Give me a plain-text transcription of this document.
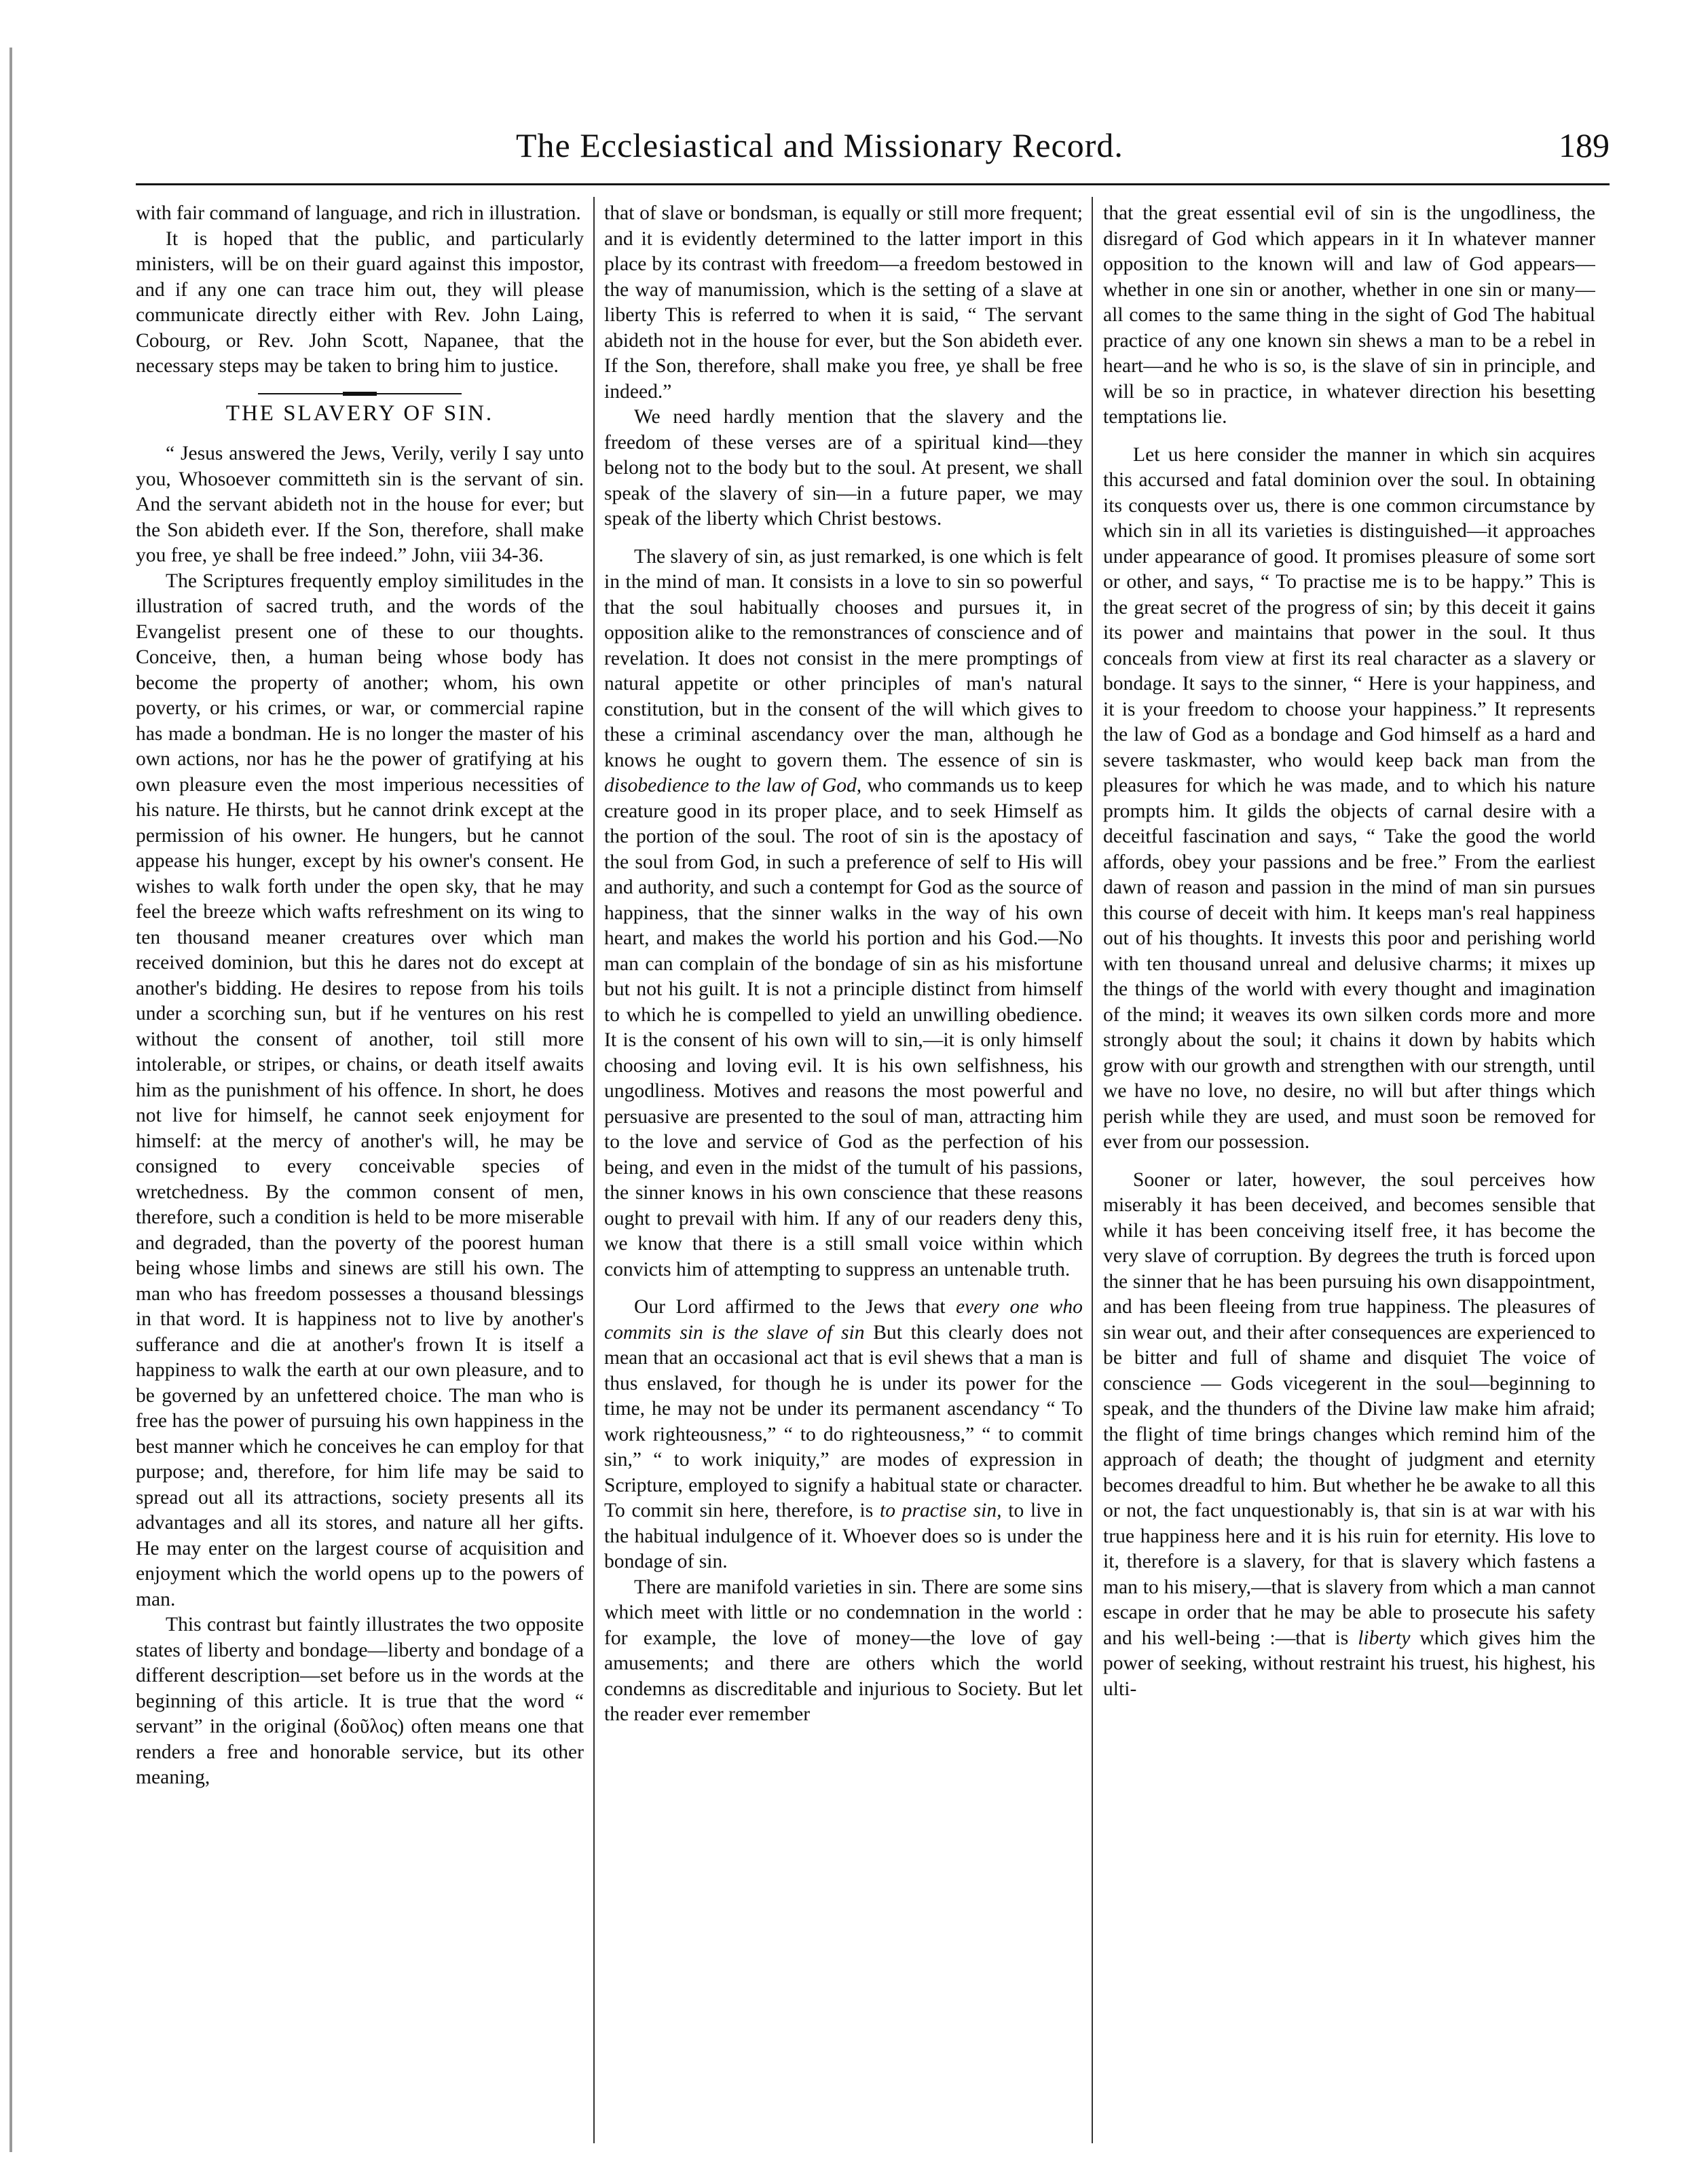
The Ecclesiastical and Missionary Record.	189

with fair command of language, and rich in illustration.

It is hoped that the public, and particularly ministers, will be on their guard against this impostor, and if any one can trace him out, they will please communicate directly either with Rev. John Laing, Cobourg, or Rev. John Scott, Napanee, that the necessary steps may be taken to bring him to justice.

THE SLAVERY OF SIN.

“ Jesus answered the Jews, Verily, verily I say unto you, Whosoever committeth sin is the servant of sin. And the servant abideth not in the house for ever; but the Son abideth ever. If the Son, therefore, shall make you free, ye shall be free indeed.” John, viii 34-36.

The Scriptures frequently employ similitudes in the illustration of sacred truth, and the words of the Evangelist present one of these to our thoughts. Conceive, then, a human being whose body has become the property of another; whom, his own poverty, or his crimes, or war, or commercial rapine has made a bondman. He is no longer the master of his own actions, nor has he the power of gratifying at his own pleasure even the most imperious necessities of his nature. He thirsts, but he cannot drink except at the permission of his owner. He hungers, but he cannot appease his hunger, except by his owner's consent. He wishes to walk forth under the open sky, that he may feel the breeze which wafts refreshment on its wing to ten thousand meaner creatures over which man received dominion, but this he dares not do except at another's bidding. He desires to repose from his toils under a scorching sun, but if he ventures on his rest without the consent of another, toil still more intolerable, or stripes, or chains, or death itself awaits him as the punishment of his offence. In short, he does not live for himself, he cannot seek enjoyment for himself: at the mercy of another's will, he may be consigned to every conceivable species of wretchedness. By the common consent of men, therefore, such a condition is held to be more miserable and degraded, than the poverty of the poorest human being whose limbs and sinews are still his own. The man who has freedom possesses a thousand blessings in that word. It is happiness not to live by another's sufferance and die at another's frown It is itself a happiness to walk the earth at our own pleasure, and to be governed by an unfettered choice. The man who is free has the power of pursuing his own happiness in the best manner which he conceives he can employ for that purpose; and, therefore, for him life may be said to spread out all its attractions, society presents all its advantages and all its stores, and nature all her gifts. He may enter on the largest course of acquisition and enjoyment which the world opens up to the powers of man.

This contrast but faintly illustrates the two opposite states of liberty and bondage—liberty and bondage of a different description—set before us in the words at the beginning of this article. It is true that the word “ servant” in the original (δοῦλος) often means one that renders a free and honorable service, but its other meaning,

that of slave or bondsman, is equally or still more frequent; and it is evidently determined to the latter import in this place by its contrast with freedom—a freedom bestowed in the way of manumission, which is the setting of a slave at liberty This is referred to when it is said, “ The servant abideth not in the house for ever, but the Son abideth ever. If the Son, therefore, shall make you free, ye shall be free indeed.”

We need hardly mention that the slavery and the freedom of these verses are of a spiritual kind—they belong not to the body but to the soul. At present, we shall speak of the slavery of sin—in a future paper, we may speak of the liberty which Christ bestows.

The slavery of sin, as just remarked, is one which is felt in the mind of man. It consists in a love to sin so powerful that the soul habitually chooses and pursues it, in opposition alike to the remonstrances of conscience and of revelation. It does not consist in the mere promptings of natural appetite or other principles of man's natural constitution, but in the consent of the will which gives to these a criminal ascendancy over the man, although he knows he ought to govern them. The essence of sin is disobedience to the law of God, who commands us to keep creature good in its proper place, and to seek Himself as the portion of the soul. The root of sin is the apostacy of the soul from God, in such a preference of self to His will and authority, and such a contempt for God as the source of happiness, that the sinner walks in the way of his own heart, and makes the world his portion and his God.—No man can complain of the bondage of sin as his misfortune but not his guilt. It is not a principle distinct from himself to which he is compelled to yield an unwilling obedience. It is the consent of his own will to sin,—it is only himself choosing and loving evil. It is his own selfishness, his ungodliness. Motives and reasons the most powerful and persuasive are presented to the soul of man, attracting him to the love and service of God as the perfection of his being, and even in the midst of the tumult of his passions, the sinner knows in his own conscience that these reasons ought to prevail with him. If any of our readers deny this, we know that there is a still small voice within which convicts him of attempting to suppress an untenable truth.

Our Lord affirmed to the Jews that every one who commits sin is the slave of sin But this clearly does not mean that an occasional act that is evil shews that a man is thus enslaved, for though he is under its power for the time, he may not be under its permanent ascendancy “ To work righteousness,” “ to do righteousness,” “ to commit sin,” “ to work iniquity,” are modes of expression in Scripture, employed to signify a habitual state or character. To commit sin here, therefore, is to practise sin, to live in the habitual indulgence of it. Whoever does so is under the bondage of sin.

There are manifold varieties in sin. There are some sins which meet with little or no condemnation in the world : for example, the love of money—the love of gay amusements; and there are others which the world condemns as discreditable and injurious to Society. But let the reader ever remember

that the great essential evil of sin is the ungodliness, the disregard of God which appears in it In whatever manner opposition to the known will and law of God appears—whether in one sin or another, whether in one sin or many—all comes to the same thing in the sight of God The habitual practice of any one known sin shews a man to be a rebel in heart—and he who is so, is the slave of sin in principle, and will be so in practice, in whatever direction his besetting temptations lie.

Let us here consider the manner in which sin acquires this accursed and fatal dominion over the soul. In obtaining its conquests over us, there is one common circumstance by which sin in all its varieties is distinguished—it approaches under appearance of good. It promises pleasure of some sort or other, and says, “ To practise me is to be happy.” This is the great secret of the progress of sin; by this deceit it gains its power and maintains that power in the soul. It thus conceals from view at first its real character as a slavery or bondage. It says to the sinner, “ Here is your happiness, and it is your freedom to choose your happiness.” It represents the law of God as a bondage and God himself as a hard and severe taskmaster, who would keep back man from the pleasures for which he was made, and to which his nature prompts him. It gilds the objects of carnal desire with a deceitful fascination and says, “ Take the good the world affords, obey your passions and be free.” From the earliest dawn of reason and passion in the mind of man sin pursues this course of deceit with him. It keeps man's real happiness out of his thoughts. It invests this poor and perishing world with ten thousand unreal and delusive charms; it mixes up the things of the world with every thought and imagination of the mind; it weaves its own silken cords more and more strongly about the soul; it chains it down by habits which grow with our growth and strengthen with our strength, until we have no love, no desire, no will but after things which perish while they are used, and must soon be removed for ever from our possession.

Sooner or later, however, the soul perceives how miserably it has been deceived, and becomes sensible that while it has been conceiving itself free, it has become the very slave of corruption. By degrees the truth is forced upon the sinner that he has been pursuing his own disappointment, and has been fleeing from true happiness. The pleasures of sin wear out, and their after consequences are experienced to be bitter and full of shame and disquiet The voice of conscience — Gods vicegerent in the soul—beginning to speak, and the thunders of the Divine law make him afraid; the flight of time brings changes which remind him of the approach of death; the thought of judgment and eternity becomes dreadful to him. But whether he be awake to all this or not, the fact unquestionably is, that sin is at war with his true happiness here and it is his ruin for eternity. His love to it, therefore is a slavery, for that is slavery which fastens a man to his misery,—that is slavery from which a man cannot escape in order that he may be able to prosecute his safety and his well-being :—that is liberty which gives him the power of seeking, without restraint his truest, his highest, his ulti-
